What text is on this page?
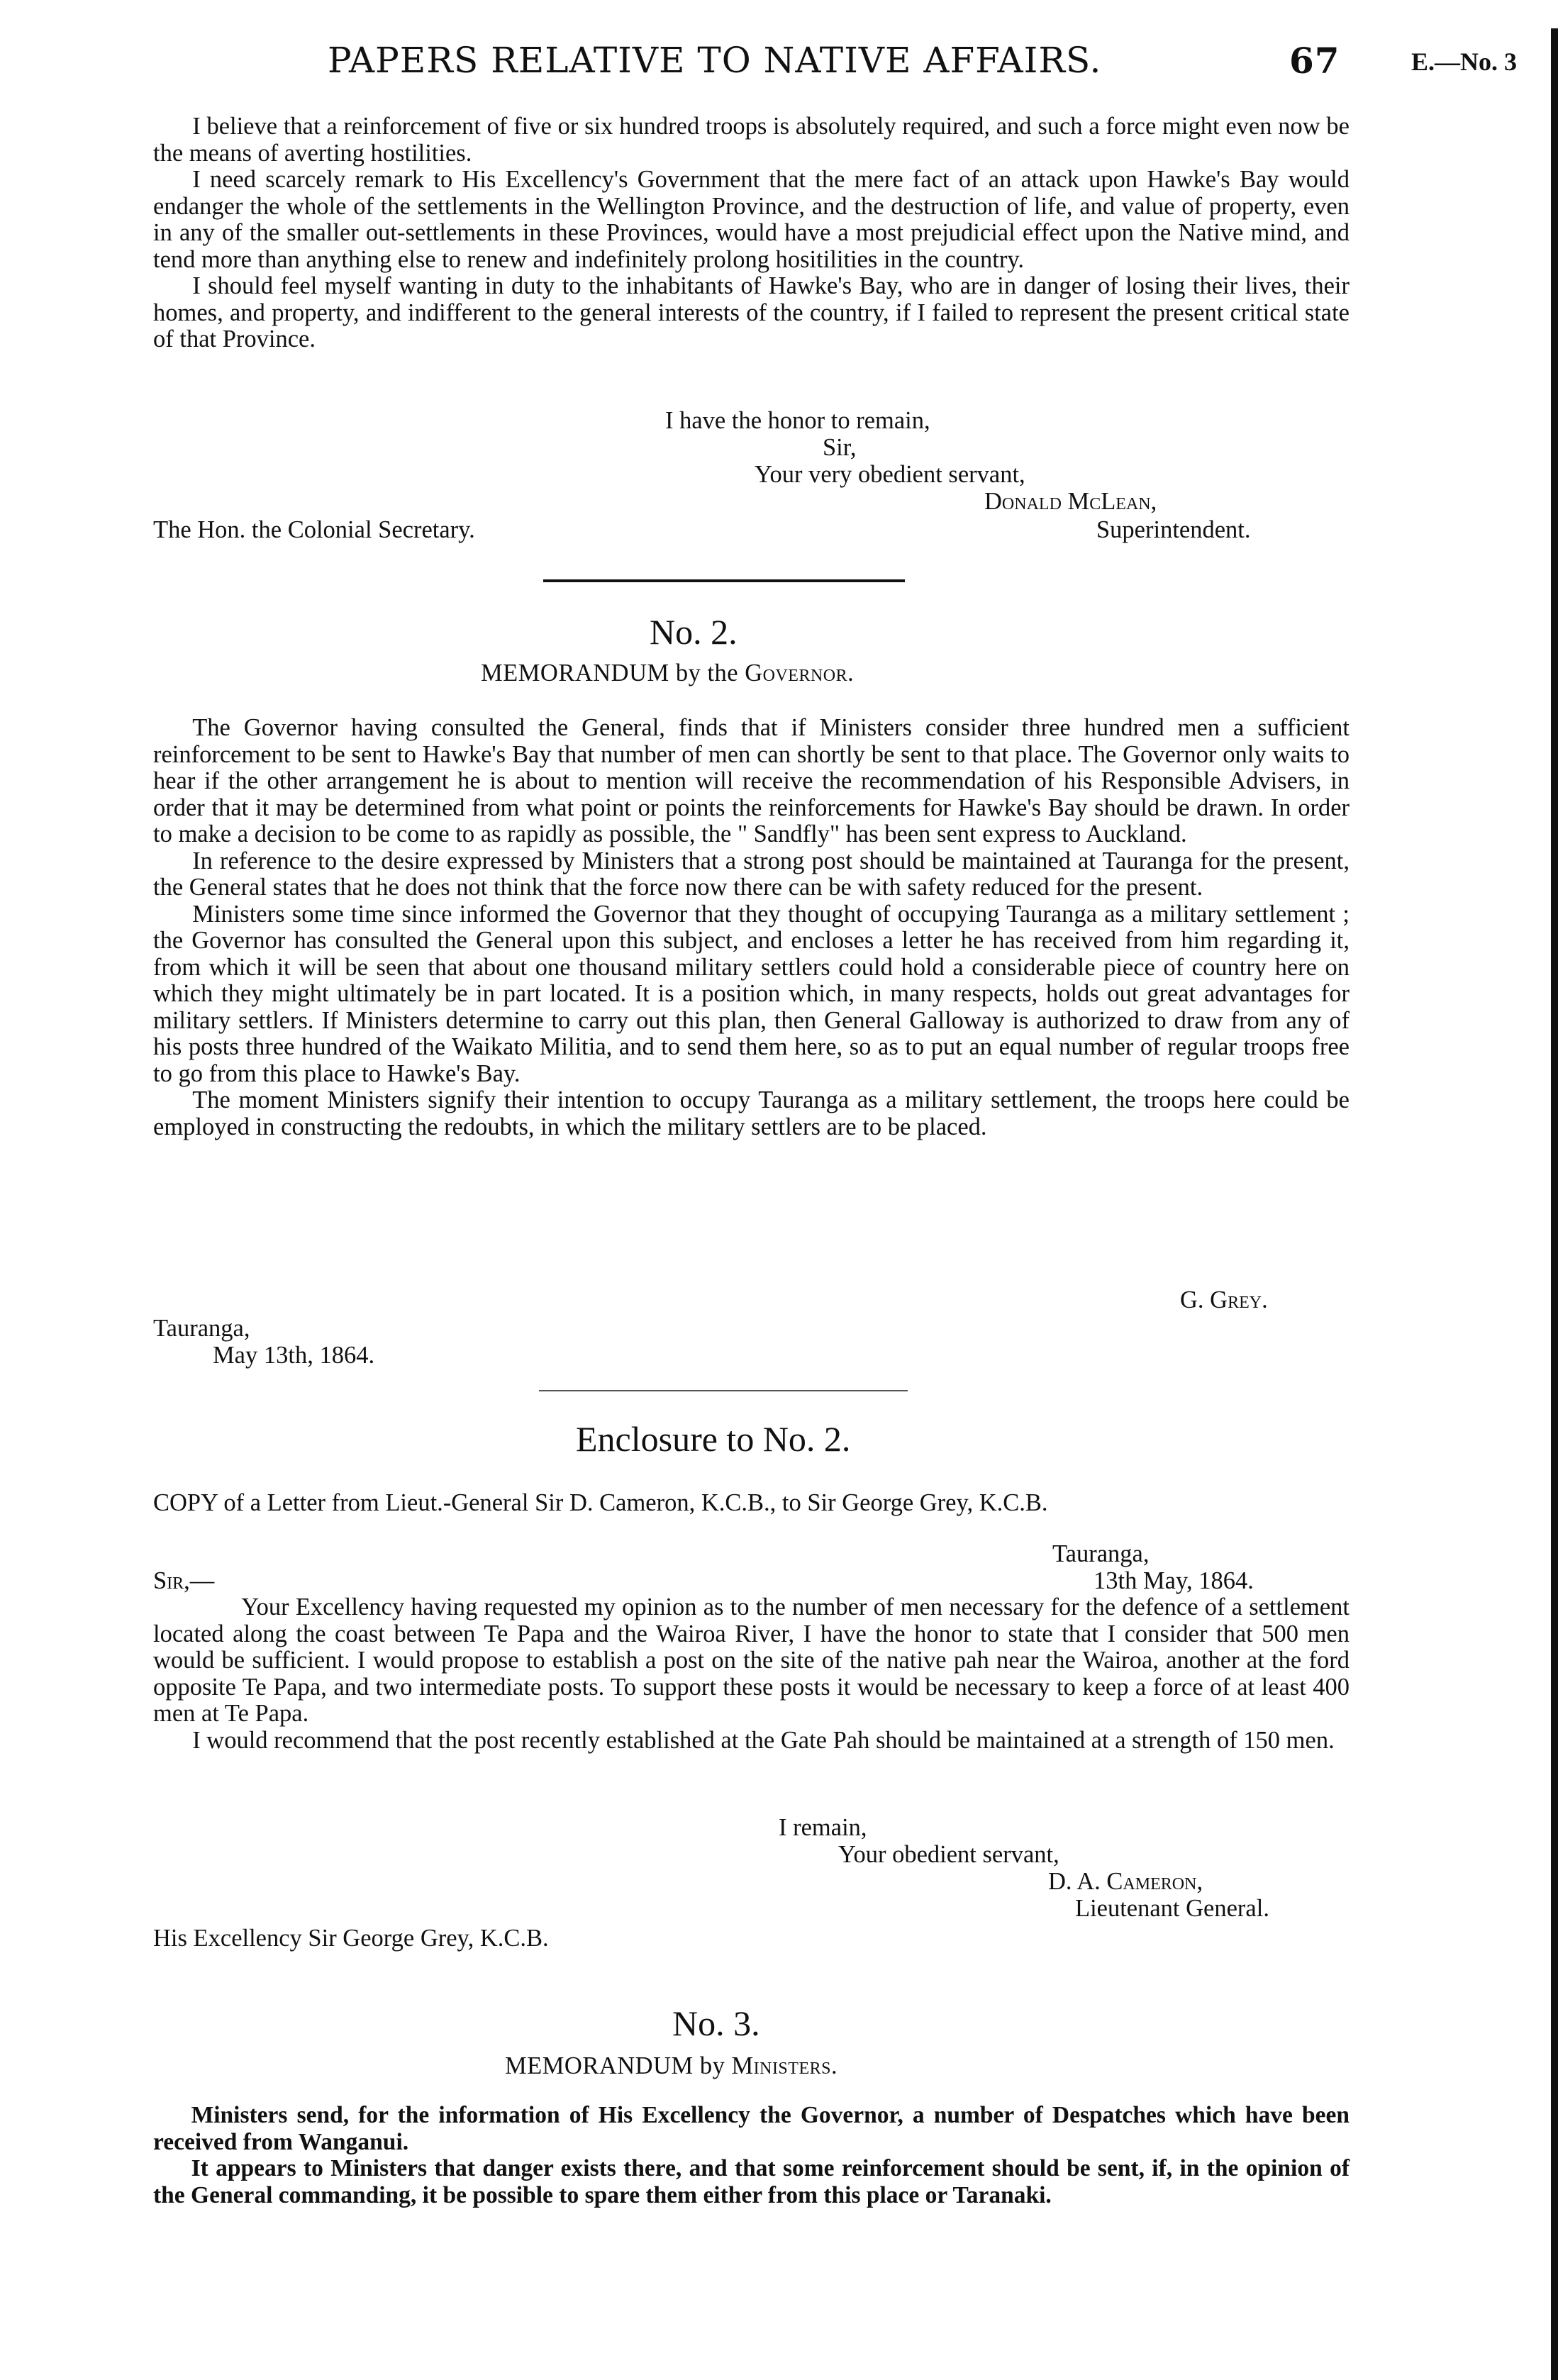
PAPERS RELATIVE TO NATIVE AFFAIRS.	67	E.—No. 3

I believe that a reinforcement of five or six hundred troops is absolutely required, and such a force might even now be the means of averting hostilities.

I need scarcely remark to His Excellency's Government that the mere fact of an attack upon Hawke's Bay would endanger the whole of the settlements in the Wellington Province, and the destruction of life, and value of property, even in any of the smaller out-settlements in these Provinces, would have a most prejudicial effect upon the Native mind, and tend more than anything else to renew and indefinitely prolong hositilities in the country.

I should feel myself wanting in duty to the inhabitants of Hawke's Bay, who are in danger of losing their lives, their homes, and property, and indifferent to the general interests of the country, if I failed to represent the present critical state of that Province.

I have the honor to remain,
Sir,
Your very obedient servant,
Donald McLean,
The Hon. the Colonial Secretary.	Superintendent.
No. 2.
MEMORANDUM by the Governor.

The Governor having consulted the General, finds that if Ministers consider three hundred men a sufficient reinforcement to be sent to Hawke's Bay that number of men can shortly be sent to that place. The Governor only waits to hear if the other arrangement he is about to mention will receive the recommendation of his Responsible Advisers, in order that it may be determined from what point or points the reinforcements for Hawke's Bay should be drawn. In order to make a decision to be come to as rapidly as possible, the " Sandfly" has been sent express to Auckland.

In reference to the desire expressed by Ministers that a strong post should be maintained at Tauranga for the present, the General states that he does not think that the force now there can be with safety reduced for the present.

Ministers some time since informed the Governor that they thought of occupying Tauranga as a military settlement ; the Governor has consulted the General upon this subject, and encloses a letter he has received from him regarding it, from which it will be seen that about one thousand military settlers could hold a considerable piece of country here on which they might ultimately be in part located. It is a position which, in many respects, holds out great advantages for military settlers. If Ministers determine to carry out this plan, then General Galloway is authorized to draw from any of his posts three hundred of the Waikato Militia, and to send them here, so as to put an equal number of regular troops free to go from this place to Hawke's Bay.

The moment Ministers signify their intention to occupy Tauranga as a military settlement, the troops here could be employed in constructing the redoubts, in which the military settlers are to be placed.

G. Grey.
Tauranga,
May 13th, 1864.
Enclosure to No. 2.
COPY of a Letter from Lieut.-General Sir D. Cameron, K.C.B., to Sir George Grey, K.C.B.
Tauranga,
Sir,—	13th May, 1864.

Your Excellency having requested my opinion as to the number of men necessary for the defence of a settlement located along the coast between Te Papa and the Wairoa River, I have the honor to state that I consider that 500 men would be sufficient. I would propose to establish a post on the site of the native pah near the Wairoa, another at the ford opposite Te Papa, and two intermediate posts. To support these posts it would be necessary to keep a force of at least 400 men at Te Papa.

I would recommend that the post recently established at the Gate Pah should be maintained at a strength of 150 men.

I remain,
Your obedient servant,
D. A. Cameron,
Lieutenant General.
His Excellency Sir George Grey, K.C.B.
No. 3.
MEMORANDUM by Ministers.

Ministers send, for the information of His Excellency the Governor, a number of Despatches which have been received from Wanganui.

It appears to Ministers that danger exists there, and that some reinforcement should be sent, if, in the opinion of the General commanding, it be possible to spare them either from this place or Taranaki.
